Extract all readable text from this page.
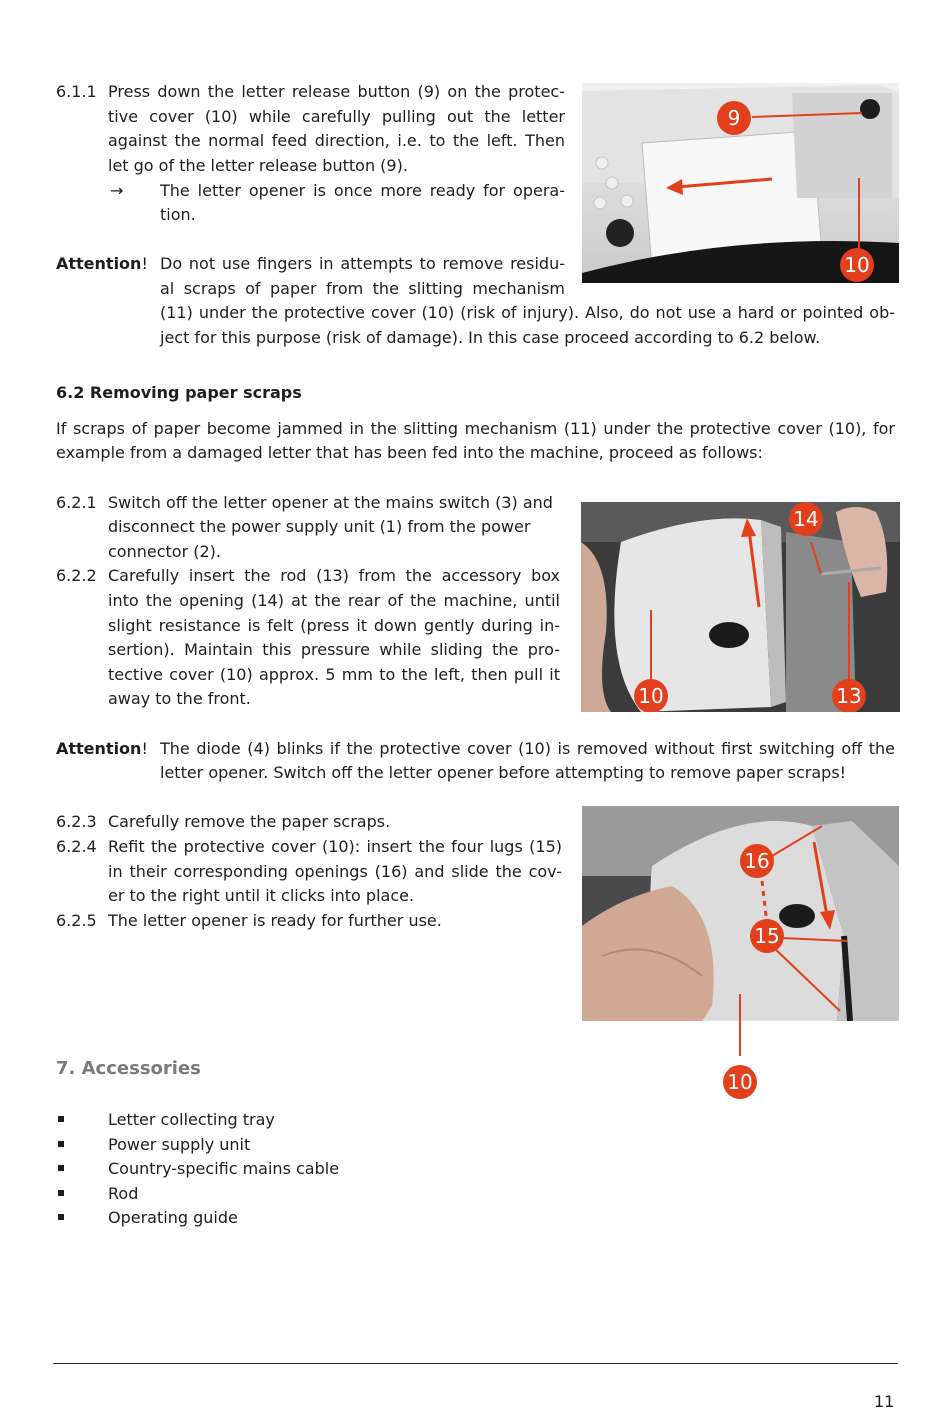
6.1.1 Press down the letter release button (9) on the protec-
tive cover (10) while carefully pulling out the letter
against the normal feed direction, i.e. to the left. Then
let go of the letter release button (9).
→ The letter opener is once more ready for opera-
tion.
Attention! Do not use fingers in attempts to remove residu-
al scraps of paper from the slitting mechanism
(11) under the protective cover (10) (risk of injury). Also, do not use a hard or pointed ob-
ject for this purpose (risk of damage). In this case proceed according to 6.2 below.
9
10
6.2 Removing paper scraps
If scraps of paper become jammed in the slitting mechanism (11) under the protective cover (10), for
example from a damaged letter that has been fed into the machine, proceed as follows:
6.2.1 Switch off the letter opener at the mains switch (3) and
disconnect the power supply unit (1) from the power
connector (2).
6.2.2 Carefully insert the rod (13) from the accessory box
into the opening (14) at the rear of the machine, until
slight resistance is felt (press it down gently during in-
sertion). Maintain this pressure while sliding the pro-
tective cover (10) approx. 5 mm to the left, then pull it
away to the front.
14
10	13
Attention! The diode (4) blinks if the protective cover (10) is removed without first switching off the
letter opener. Switch off the letter opener before attempting to remove paper scraps!
6.2.3 Carefully remove the paper scraps.
6.2.4 Refit the protective cover (10): insert the four lugs (15)
in their corresponding openings (16) and slide the cov-
er to the right until it clicks into place.
6.2.5 The letter opener is ready for further use.
16
15
10
7. Accessories
Letter collecting tray
Power supply unit
Country-specific mains cable
Rod
Operating guide
11
